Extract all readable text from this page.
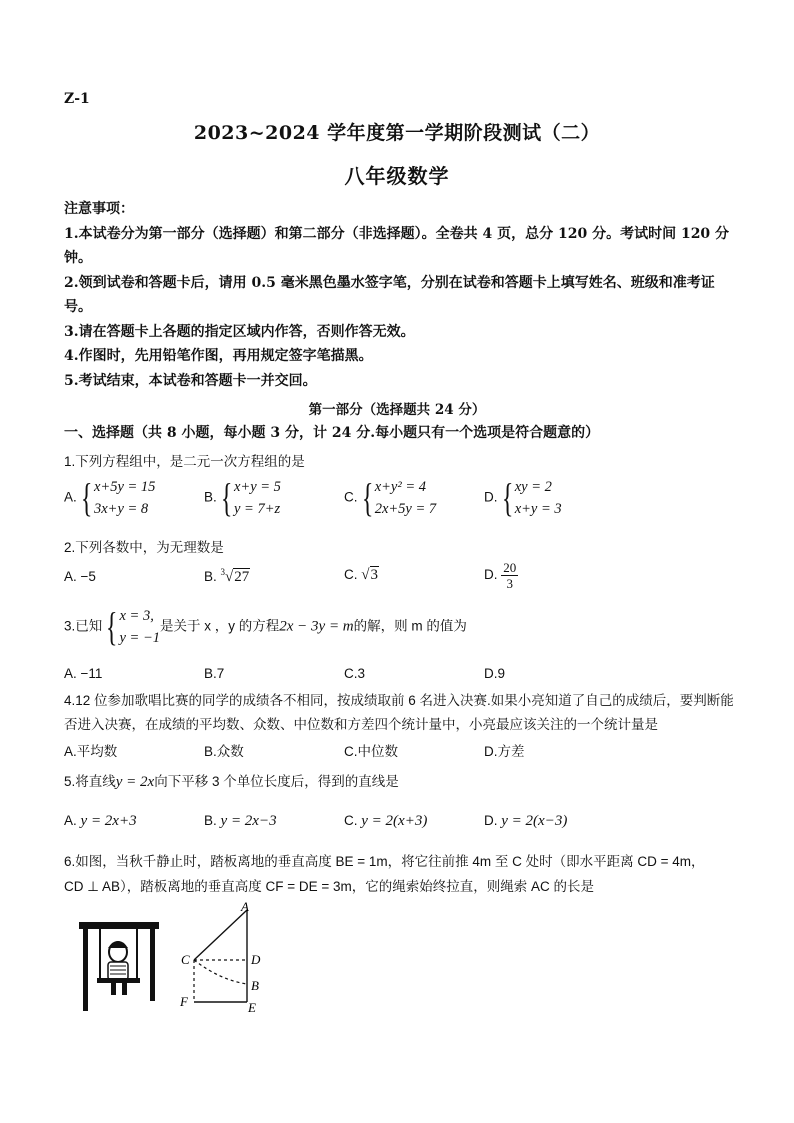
Z-1
2023~2024 学年度第一学期阶段测试（二）
八年级数学

注意事项：

1.本试卷分为第一部分（选择题）和第二部分（非选择题）。全卷共 4 页，总分 120 分。考试时间 120 分钟。

2.领到试卷和答题卡后，请用 0.5 毫米黑色墨水签字笔，分别在试卷和答题卡上填写姓名、班级和准考证号。

3.请在答题卡上各题的指定区域内作答，否则作答无效。

4.作图时，先用铅笔作图，再用规定签字笔描黑。

5.考试结束，本试卷和答题卡一并交回。

第一部分（选择题共 24 分）
一、选择题（共 8 小题，每小题 3 分，计 24 分.每小题只有一个选项是符合题意的）
1.下列方程组中，是二元一次方程组的是
A. { x+5y = 15
3x+y = 8
B. { x+y = 5
y = 7+z
C. { x+y² = 4
2x+5y = 7
D. { xy = 2
x+y = 3
2.下列各数中，为无理数是
A. −5	B. $^3$√27	C. √3	D. $\frac{20}{3}$
3.已知 { x = 3,
y = −1
是关于 x ，y 的方程2x − 3y = m的解，则 m 的值为
A. −11	B.7	C.3	D.9
4.12 位参加歌唱比赛的同学的成绩各不相同，按成绩取前 6 名进入决赛.如果小亮知道了自己的成绩后，要判断能否进入决赛，在成绩的平均数、众数、中位数和方差四个统计量中，小亮最应该关注的一个统计量是
A.平均数	B.众数	C.中位数	D.方差
5.将直线y = 2x向下平移 3 个单位长度后，得到的直线是
A. y = 2x+3	B. y = 2x−3	C. y = 2(x+3)	D. y = 2(x−3)
6.如图，当秋千静止时，踏板离地的垂直高度 BE = 1m，将它往前推 4m 至 C 处时（即水平距离 CD = 4m，
CD ⊥ AB），踏板离地的垂直高度 CF = DE = 3m，它的绳索始终拉直，则绳索 AC 的长是
A
C	D
B
F	E
